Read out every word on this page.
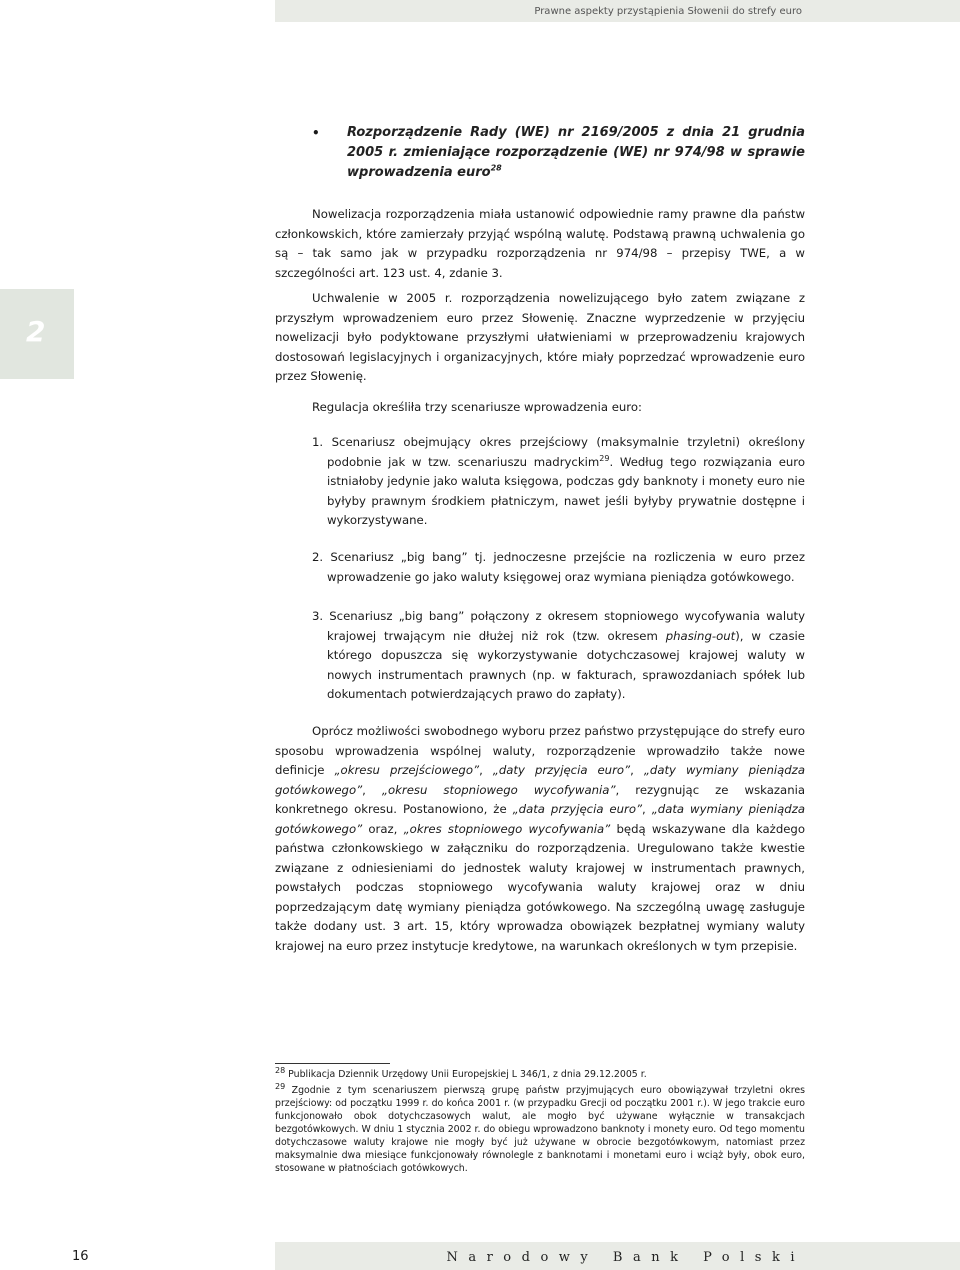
Prawne aspekty przystąpienia Słowenii do strefy euro
2
• Rozporządzenie Rady (WE) nr 2169/2005 z dnia 21 grudnia 2005 r. zmieniające rozporządzenie (WE) nr 974/98 w sprawie wprowadzenia euro$^{28}$

Nowelizacja rozporządzenia miała ustanowić odpowiednie ramy prawne dla państw członkowskich, które zamierzały przyjąć wspólną walutę. Podstawą prawną uchwalenia go są – tak samo jak w przypadku rozporządzenia nr 974/98 – przepisy TWE, a w szczególności art. 123 ust. 4, zdanie 3.

Uchwalenie w 2005 r. rozporządzenia nowelizującego było zatem związane z przyszłym wprowadzeniem euro przez Słowenię. Znaczne wyprzedzenie w przyjęciu nowelizacji było podyktowane przyszłymi ułatwieniami w przeprowadzeniu krajowych dostosowań legislacyjnych i organizacyjnych, które miały poprzedzać wprowadzenie euro przez Słowenię.

Regulacja określiła trzy scenariusze wprowadzenia euro:

1. Scenariusz obejmujący okres przejściowy (maksymalnie trzyletni) określony podobnie jak w tzw. scenariuszu madryckim$^{29}$. Według tego rozwiązania euro istniałoby jedynie jako waluta księgowa, podczas gdy banknoty i monety euro nie byłyby prawnym środkiem płatniczym, nawet jeśli byłyby prywatnie dostępne i wykorzystywane.

2. Scenariusz „big bang” tj. jednoczesne przejście na rozliczenia w euro przez wprowadzenie go jako waluty księgowej oraz wymiana pieniądza gotówkowego.

3. Scenariusz „big bang” połączony z okresem stopniowego wycofywania waluty krajowej trwającym nie dłużej niż rok (tzw. okresem phasing-out), w czasie którego dopuszcza się wykorzystywanie dotychczasowej krajowej waluty w nowych instrumentach prawnych (np. w fakturach, sprawozdaniach spółek lub dokumentach potwierdzających prawo do zapłaty).

Oprócz możliwości swobodnego wyboru przez państwo przystępujące do strefy euro sposobu wprowadzenia wspólnej waluty, rozporządzenie wprowadziło także nowe definicje „okresu przejściowego”, „daty przyjęcia euro”, „daty wymiany pieniądza gotówkowego”, „okresu stopniowego wycofywania”, rezygnując ze wskazania konkretnego okresu. Postanowiono, że „data przyjęcia euro”, „data wymiany pieniądza gotówkowego” oraz, „okres stopniowego wycofywania” będą wskazywane dla każdego państwa członkowskiego w załączniku do rozporządzenia. Uregulowano także kwestie związane z odniesieniami do jednostek waluty krajowej w instrumentach prawnych, powstałych podczas stopniowego wycofywania waluty krajowej oraz w dniu poprzedzającym datę wymiany pieniądza gotówkowego. Na szczególną uwagę zasługuje także dodany ust. 3 art. 15, który wprowadza obowiązek bezpłatnej wymiany waluty krajowej na euro przez instytucje kredytowe, na warunkach określonych w tym przepisie.

28 Publikacja Dziennik Urzędowy Unii Europejskiej L 346/1, z dnia 29.12.2005 r.
29 Zgodnie z tym scenariuszem pierwszą grupę państw przyjmujących euro obowiązywał trzyletni okres przejściowy: od początku 1999 r. do końca 2001 r. (w przypadku Grecji od początku 2001 r.). W jego trakcie euro funkcjonowało obok dotychczasowych walut, ale mogło być używane wyłącznie w transakcjach bezgotówkowych. W dniu 1 stycznia 2002 r. do obiegu wprowadzono banknoty i monety euro. Od tego momentu dotychczasowe waluty krajowe nie mogły być już używane w obrocie bezgotówkowym, natomiast przez maksymalnie dwa miesiące funkcjonowały równolegle z banknotami i monetami euro i wciąż były, obok euro, stosowane w płatnościach gotówkowych.
16	Narodowy Bank Polski
